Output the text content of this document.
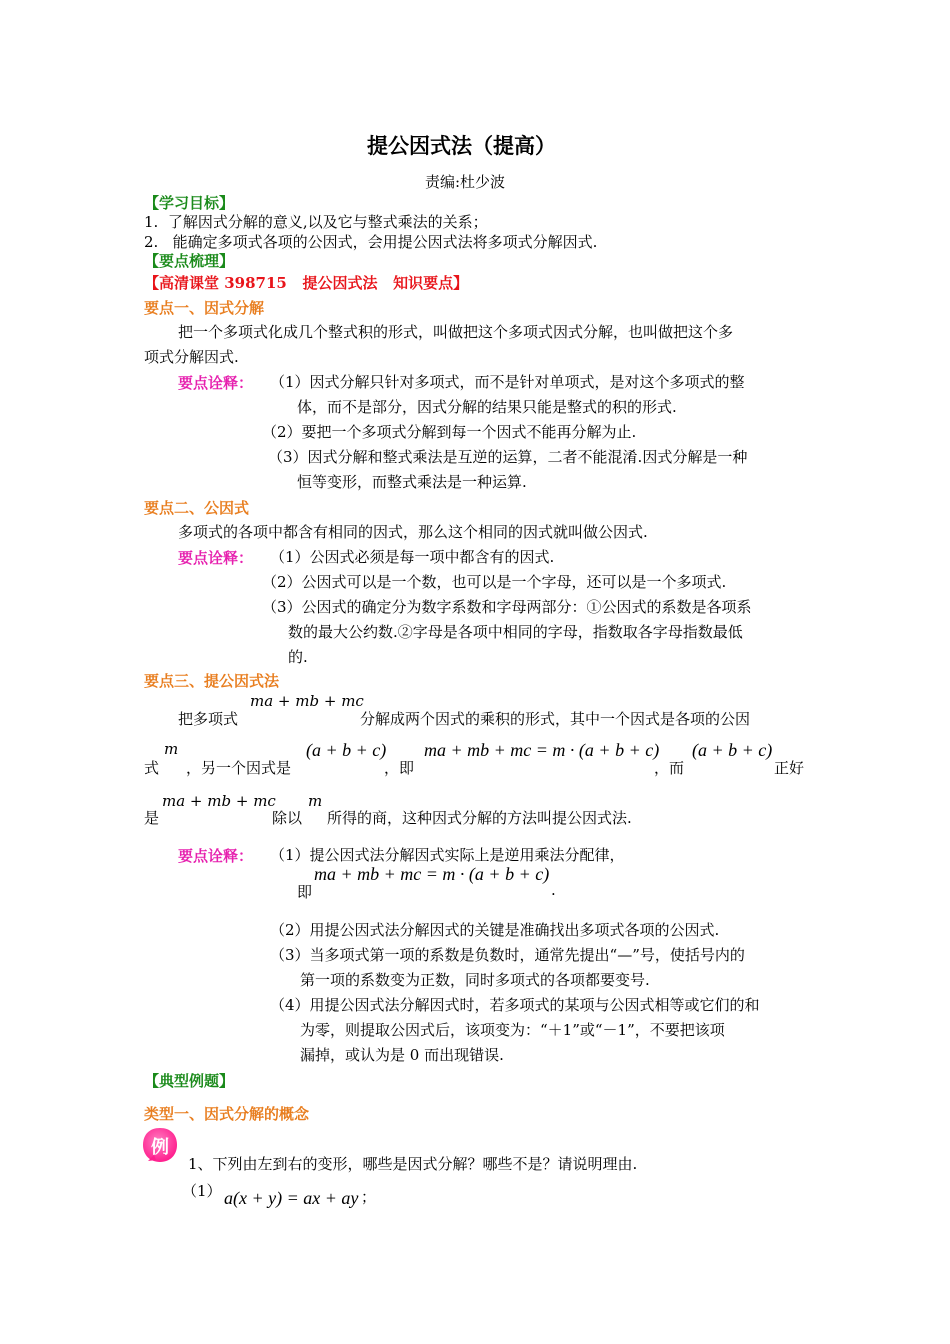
提公因式法（提高）
责编:杜少波
【学习目标】
1.  了解因式分解的意义,以及它与整式乘法的关系；
2.   能确定多项式各项的公因式，会用提公因式法将多项式分解因式.
【要点梳理】
【高清课堂 398715   提公因式法   知识要点】
要点一、因式分解
把一个多项式化成几个整式积的形式，叫做把这个多项式因式分解，也叫做把这个多
项式分解因式.
要点诠释： （1）因式分解只针对多项式，而不是针对单项式，是对这个多项式的整
体，而不是部分，因式分解的结果只能是整式的积的形式.
（2）要把一个多项式分解到每一个因式不能再分解为止.
（3）因式分解和整式乘法是互逆的运算，二者不能混淆.因式分解是一种
恒等变形，而整式乘法是一种运算.
要点二、公因式
多项式的各项中都含有相同的因式，那么这个相同的因式就叫做公因式.
要点诠释： （1）公因式必须是每一项中都含有的因式.
（2）公因式可以是一个数，也可以是一个字母，还可以是一个多项式.
（3）公因式的确定分为数字系数和字母两部分：①公因式的系数是各项系
数的最大公约数.②字母是各项中相同的字母，指数取各字母指数最低
的.
要点三、提公因式法
把多项式
ma + mb + mc
分解成两个因式的乘积的形式，其中一个因式是各项的公因
式
m
，另一个因式是
(a + b + c)
，即
ma + mb + mc = m · (a + b + c)
，而
(a + b + c)
正好
是
ma + mb + mc
除以
m
所得的商，这种因式分解的方法叫提公因式法.
要点诠释： （1）提公因式法分解因式实际上是逆用乘法分配律，
即
ma + mb + mc = m · (a + b + c)
.
（2）用提公因式法分解因式的关键是准确找出多项式各项的公因式.
（3）当多项式第一项的系数是负数时，通常先提出“—”号，使括号内的
第一项的系数变为正数，同时多项式的各项都要变号.
（4）用提公因式法分解因式时，若多项式的某项与公因式相等或它们的和
为零，则提取公因式后，该项变为：“＋1”或“－1”，不要把该项
漏掉，或认为是 0 而出现错误.
【典型例题】
类型一、因式分解的概念
例
1、下列由左到右的变形，哪些是因式分解？哪些不是？请说明理由.
（1） a(x + y) = ax + ay ；
